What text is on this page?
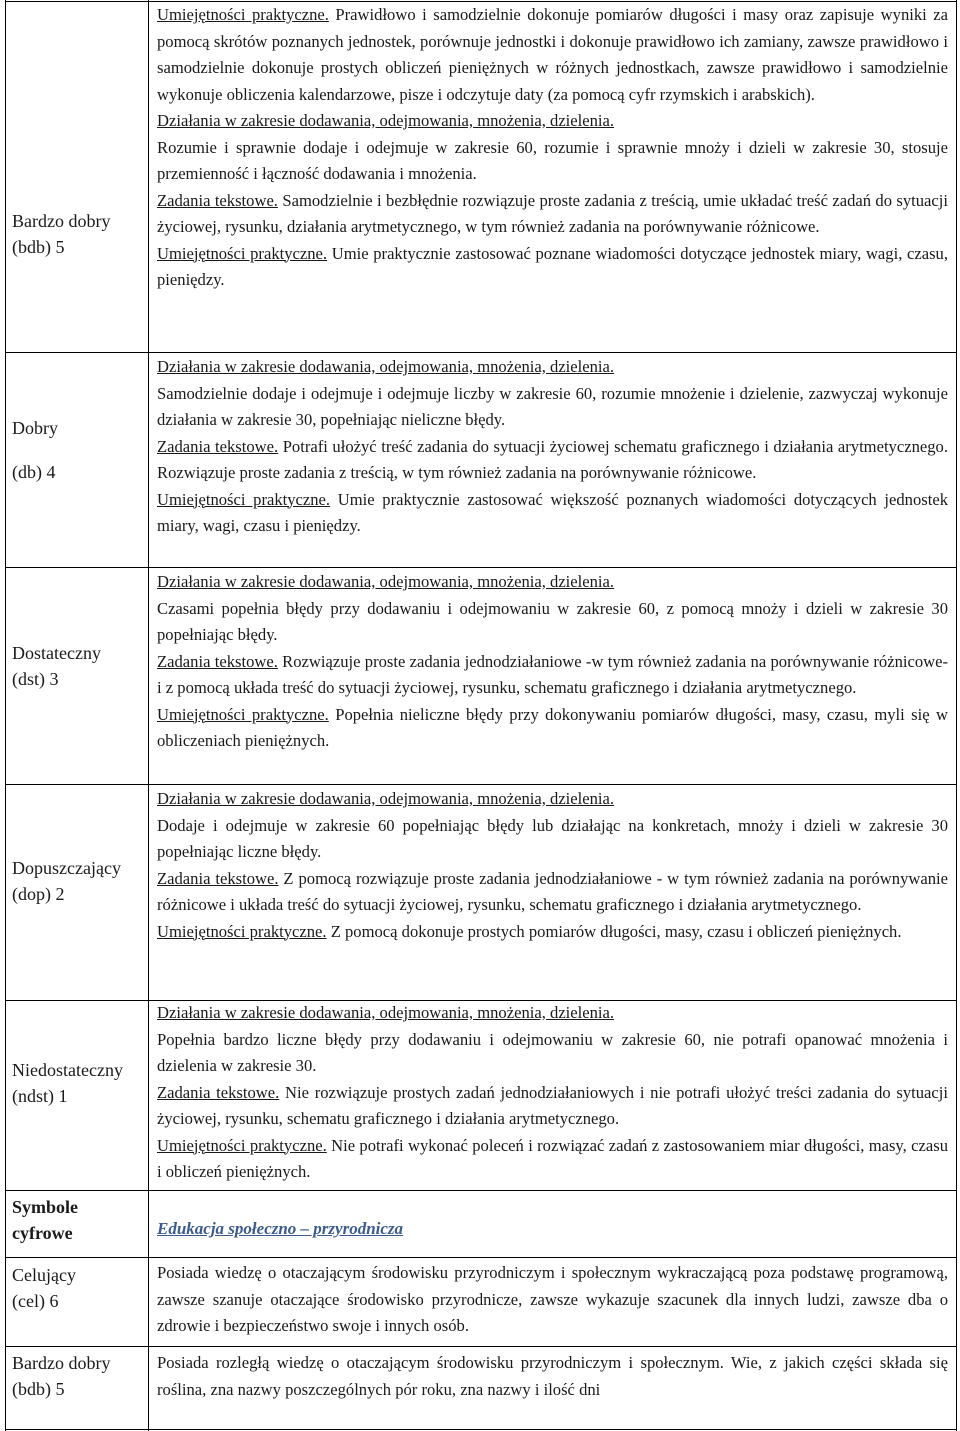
Bardzo dobry
(bdb) 5
Dobry
(db) 4
Dostateczny
(dst) 3
Dopuszczający
(dop) 2
Niedostateczny
(ndst) 1
Symbole
cyfrowe
Celujący
(cel) 6
Bardzo dobry
(bdb) 5

Umiejętności praktyczne. Prawidłowo i samodzielnie dokonuje pomiarów długości i masy oraz zapisuje wyniki za pomocą skrótów poznanych jednostek, porównuje jednostki i dokonuje prawidłowo ich zamiany, zawsze prawidłowo i samodzielnie dokonuje prostych obliczeń pieniężnych w różnych jednostkach, zawsze prawidłowo i samodzielnie wykonuje obliczenia kalendarzowe, pisze i odczytuje daty (za pomocą cyfr rzymskich i arabskich).

Działania w zakresie dodawania, odejmowania, mnożenia, dzielenia.

Rozumie i sprawnie dodaje i odejmuje w zakresie 60, rozumie i sprawnie mnoży i dzieli w zakresie 30, stosuje przemienność i łączność dodawania i mnożenia.

Zadania tekstowe. Samodzielnie i bezbłędnie rozwiązuje proste zadania z treścią, umie układać treść zadań do sytuacji życiowej, rysunku, działania arytmetycznego, w tym również zadania na porównywanie różnicowe.

Umiejętności praktyczne. Umie praktycznie zastosować poznane wiadomości dotyczące jednostek miary, wagi, czasu, pieniędzy.

Działania w zakresie dodawania, odejmowania, mnożenia, dzielenia.

Samodzielnie dodaje i odejmuje i odejmuje liczby w zakresie 60, rozumie mnożenie i dzielenie, zazwyczaj wykonuje działania w zakresie 30, popełniając nieliczne błędy.

Zadania tekstowe. Potrafi ułożyć treść zadania do sytuacji życiowej schematu graficznego i działania arytmetycznego. Rozwiązuje proste zadania z treścią, w tym również zadania na porównywanie różnicowe.

Umiejętności praktyczne. Umie praktycznie zastosować większość poznanych wiadomości dotyczących jednostek miary, wagi, czasu i pieniędzy.

Działania w zakresie dodawania, odejmowania, mnożenia, dzielenia.

Czasami popełnia błędy przy dodawaniu i odejmowaniu w zakresie 60, z pomocą mnoży i dzieli w zakresie 30 popełniając błędy.

Zadania tekstowe. Rozwiązuje proste zadania jednodziałaniowe -w tym również zadania na porównywanie różnicowe- i z pomocą układa treść do sytuacji życiowej, rysunku, schematu graficznego i działania arytmetycznego.

Umiejętności praktyczne. Popełnia nieliczne błędy przy dokonywaniu pomiarów długości, masy, czasu, myli się w obliczeniach pieniężnych.

Działania w zakresie dodawania, odejmowania, mnożenia, dzielenia.

Dodaje i odejmuje w zakresie 60 popełniając błędy lub działając na konkretach, mnoży i dzieli w zakresie 30 popełniając liczne błędy.

Zadania tekstowe. Z pomocą rozwiązuje proste zadania jednodziałaniowe - w tym również zadania na porównywanie różnicowe i układa treść do sytuacji życiowej, rysunku, schematu graficznego i działania arytmetycznego.

Umiejętności praktyczne. Z pomocą dokonuje prostych pomiarów długości, masy, czasu i obliczeń pieniężnych.

Działania w zakresie dodawania, odejmowania, mnożenia, dzielenia.

Popełnia bardzo liczne błędy przy dodawaniu i odejmowaniu w zakresie 60, nie potrafi opanować mnożenia i dzielenia w zakresie 30.

Zadania tekstowe. Nie rozwiązuje prostych zadań jednodziałaniowych i nie potrafi ułożyć treści zadania do sytuacji życiowej, rysunku, schematu graficznego i działania arytmetycznego.

Umiejętności praktyczne. Nie potrafi wykonać poleceń i rozwiązać zadań z zastosowaniem miar długości, masy, czasu i obliczeń pieniężnych.

Edukacja społeczno – przyrodnicza

Posiada wiedzę o otaczającym środowisku przyrodniczym i społecznym wykraczającą poza podstawę programową, zawsze szanuje otaczające środowisko przyrodnicze, zawsze wykazuje szacunek dla innych ludzi, zawsze dba o zdrowie i bezpieczeństwo swoje i innych osób.

Posiada rozległą wiedzę o otaczającym środowisku przyrodniczym i społecznym. Wie, z jakich części składa się roślina, zna nazwy poszczególnych pór roku, zna nazwy i ilość dni
